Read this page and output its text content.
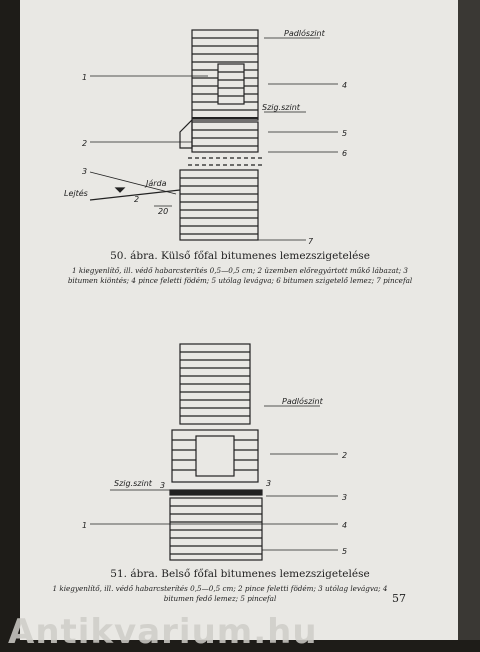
Padlószint
Szig.szint
Járda
Lejtés
2
20
1
2
3
4
5
6
7
Padlószint
Szig.szint 3	3
2
3
1	4
5
50. ábra. Külső főfal bitumenes lemezszigetelése
1 kiegyenlítő, ill. védő habarcsterítés 0,5—0,5 cm; 2 üzemben előregyártott műkő lábazat; 3 bitumen kiöntés; 4 pince feletti födém; 5 utólag levágva; 6 bitumen szigetelő lemez; 7 pincefal
51. ábra. Belső főfal bitumenes lemezszigetelése
1 kiegyenlítő, ill. védő habarcsterítés 0,5—0,5 cm; 2 pince feletti födém; 3 utólag levágva; 4 bitumen fedő lemez; 5 pincefal	57
Antikvarium.hu
